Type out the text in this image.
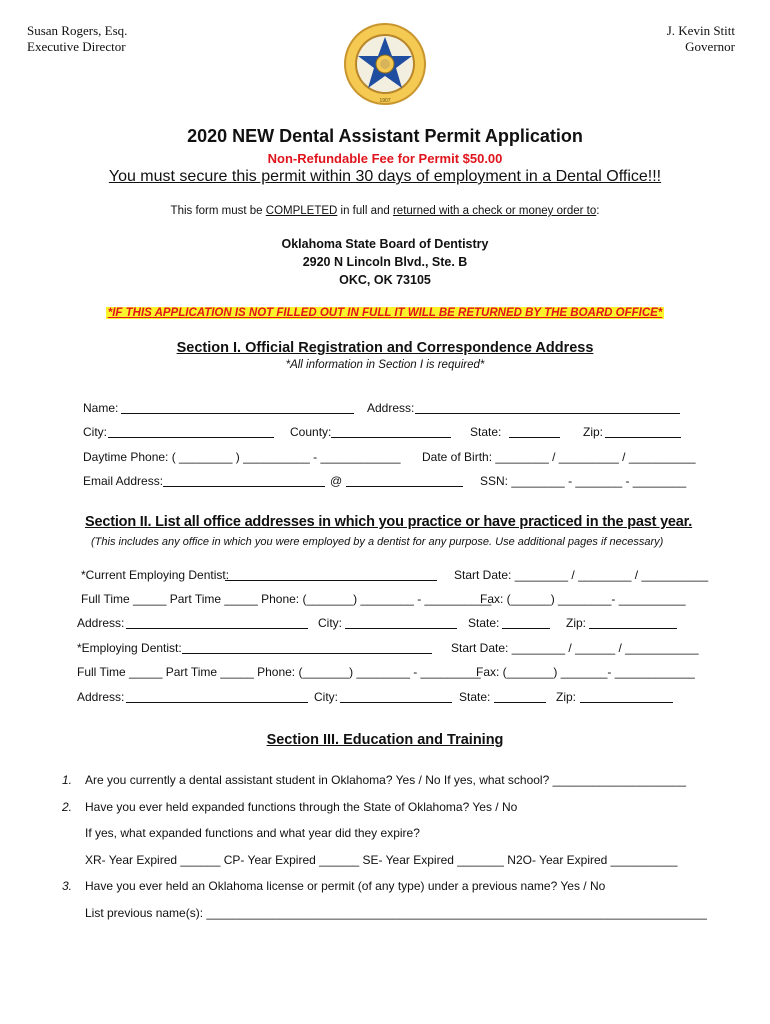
Susan Rogers, Esq.
Executive Director
J. Kevin Stitt
Governor
1907
2020 NEW Dental Assistant Permit Application
Non-Refundable Fee for Permit $50.00
You must secure this permit within 30 days of employment in a Dental Office!!!
This form must be COMPLETED in full and returned with a check or money order to:
Oklahoma State Board of Dentistry
2920 N Lincoln Blvd., Ste. B
OKC, OK 73105
*IF THIS APPLICATION IS NOT FILLED OUT IN FULL IT WILL BE RETURNED BY THE BOARD OFFICE*
Section I. Official Registration and Correspondence Address
*All information in Section I is required*
Name:	Address:
City:	County:	State:	Zip:
Daytime Phone: ( ________ ) __________ - ____________ Date of Birth: ________ / _________ / __________
Email Address:	@	SSN: ________ - _______ - ________
Section II. List all office addresses in which you practice or have practiced in the past year.
(This includes any office in which you were employed by a dentist for any purpose. Use additional pages if necessary)
*Current Employing Dentist:	Start Date: ________ / ________ / __________
Full Time _____ Part Time _____ Phone: (_______) ________ - __________
Fax: (______) ________- __________
Address:	City:	State:	Zip:
*Employing Dentist:	Start Date: ________ / ______ / ___________
Full Time _____ Part Time _____ Phone: (_______) ________ - _________
Fax: (_______) _______- ____________
Address:	City:	State:	Zip:
Section III. Education and Training
1. Are you currently a dental assistant student in Oklahoma? Yes / No If yes, what school? ____________________
2. Have you ever held expanded functions through the State of Oklahoma? Yes / No
If yes, what expanded functions and what year did they expire?
XR- Year Expired ______ CP- Year Expired ______ SE- Year Expired _______ N2O- Year Expired __________
3. Have you ever held an Oklahoma license or permit (of any type) under a previous name? Yes / No
List previous name(s): ___________________________________________________________________________
